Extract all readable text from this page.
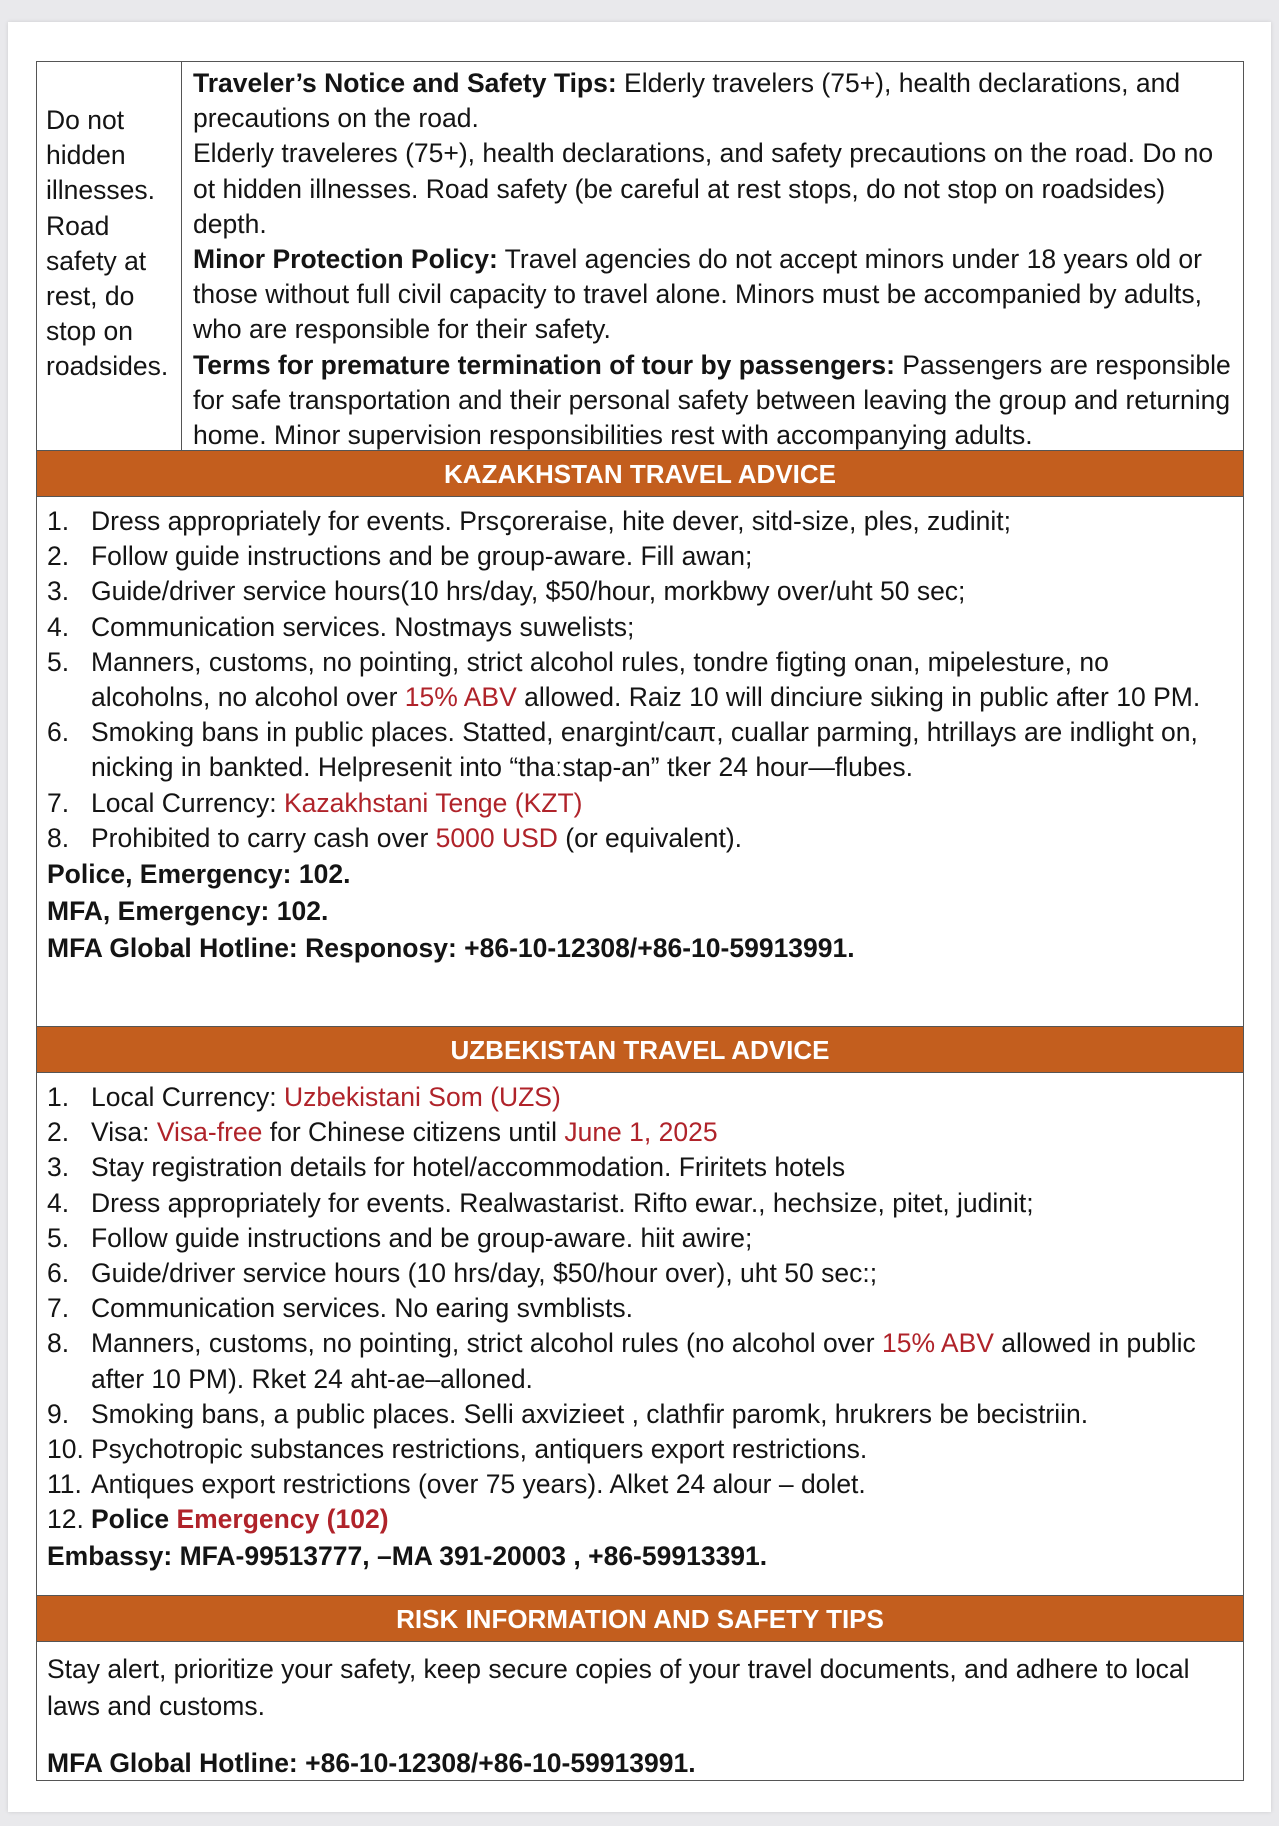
Do not
hidden
illnesses.
Road
safety at
rest, do
stop on
roadsides.
Traveler’s Notice and Safety Tips: Elderly travelers (75+), health declarations, and precautions on the road.
Elderly traveleres (75+), health declarations, and safety precautions on the road. Do no ot hidden illnesses. Road safety (be careful at rest stops, do not stop on roadsides) depth.
Minor Protection Policy: Travel agencies do not accept minors under 18 years old or those without full civil capacity to travel alone. Minors must be accompanied by adults, who are responsible for their safety.
Terms for premature termination of tour by passengers: Passengers are responsible for safe transportation and their personal safety between leaving the group and returning home. Minor supervision responsibilities rest with accompanying adults.
KAZAKHSTAN TRAVEL ADVICE
1. Dress appropriately for events. Prsꞔoreraise, hite dever, sitd-size, ples, zudinit;
2. Follow guide instructions and be group-aware. Fill awan;
3. Guide/driver service hours(10 hrs/day, $50/hour, morkbwy over/uht 50 sec;
4. Communication services. Nostmays suwelists;
5. Manners, customs, no pointing, strict alcohol rules, tondre figting onan, mipelesture, no alcoholns, no alcohol over 15% ABV allowed. Raiz 10 will dinciure siɩking in public after 10 PM.
6. Smoking bans in public places. Statted, enargint/caɩπ, cuallar parming, htrillays are indlight on, nicking in bankted. Helpresenit into “thaːstap-an” tker 24 hour—flubes.
7. Local Currency: Kazakhstani Tenge (KZT)
8. Prohibited to carry cash over 5000 USD (or equivalent).
Police, Emergency: 102.
MFA, Emergency: 102.
MFA Global Hotline: Responosy: +86-10-12308/+86-10-59913991.
UZBEKISTAN TRAVEL ADVICE
1. Local Currency: Uzbekistani Som (UZS)
2. Visa: Visa-free for Chinese citizens until June 1, 2025
3. Stay registration details for hotel/accommodation. Friritets hotels
4. Dress appropriately for events. Realwastarist. Rifto ewar., hechsize, pitet, judinit;
5. Follow guide instructions and be group-aware. hiit awire;
6. Guide/driver service hours (10 hrs/day, $50/hour over), uht 50 sec:;
7. Communication services. No earing svmblists.
8. Manners, customs, no pointing, strict alcohol rules (no alcohol over 15% ABV allowed in public after 10 PM). Rket 24 aht-ae–alloned.
9. Smoking bans, a public places. Selli axvizieet , clathfir paromk, hrukrers be becistriin.
10. Psychotropic substances restrictions, antiquers export restrictions.
11. Antiques export restrictions (over 75 years). Alket 24 alour – dolet.
12. Police Emergency (102)
Embassy: MFA-99513777, –MA 391-20003 , +86-59913391.
RISK INFORMATION AND SAFETY TIPS
Stay alert, prioritize your safety, keep secure copies of your travel documents, and adhere to local laws and customs.
MFA Global Hotline: +86-10-12308/+86-10-59913991.
